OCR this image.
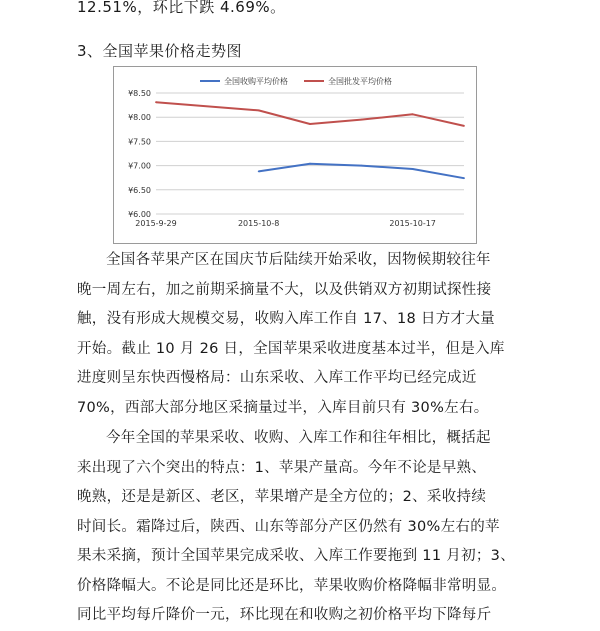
12.51%，环比下跌 4.69%。
3、全国苹果价格走势图
¥8.50
¥8.00
¥7.50
¥7.00
¥6.50
¥6.00
2015-9-29	2015-10-8	2015-10-17
全国收购平均价格	全国批发平均价格

全国各苹果产区在国庆节后陆续开始采收，因物候期较往年

晚一周左右，加之前期采摘量不大，以及供销双方初期试探性接

触，没有形成大规模交易，收购入库工作自 17、18 日方才大量

开始。截止 10 月 26 日，全国苹果采收进度基本过半，但是入库

进度则呈东快西慢格局：山东采收、入库工作平均已经完成近

70%，西部大部分地区采摘量过半，入库目前只有 30%左右。

今年全国的苹果采收、收购、入库工作和往年相比，概括起

来出现了六个突出的特点：1、苹果产量高。今年不论是早熟、

晚熟，还是是新区、老区，苹果增产是全方位的；2、采收持续

时间长。霜降过后，陕西、山东等部分产区仍然有 30%左右的苹

果未采摘，预计全国苹果完成采收、入库工作要拖到 11 月初；3、

价格降幅大。不论是同比还是环比，苹果收购价格降幅非常明显。

同比平均每斤降价一元，环比现在和收购之初价格平均下降每斤
